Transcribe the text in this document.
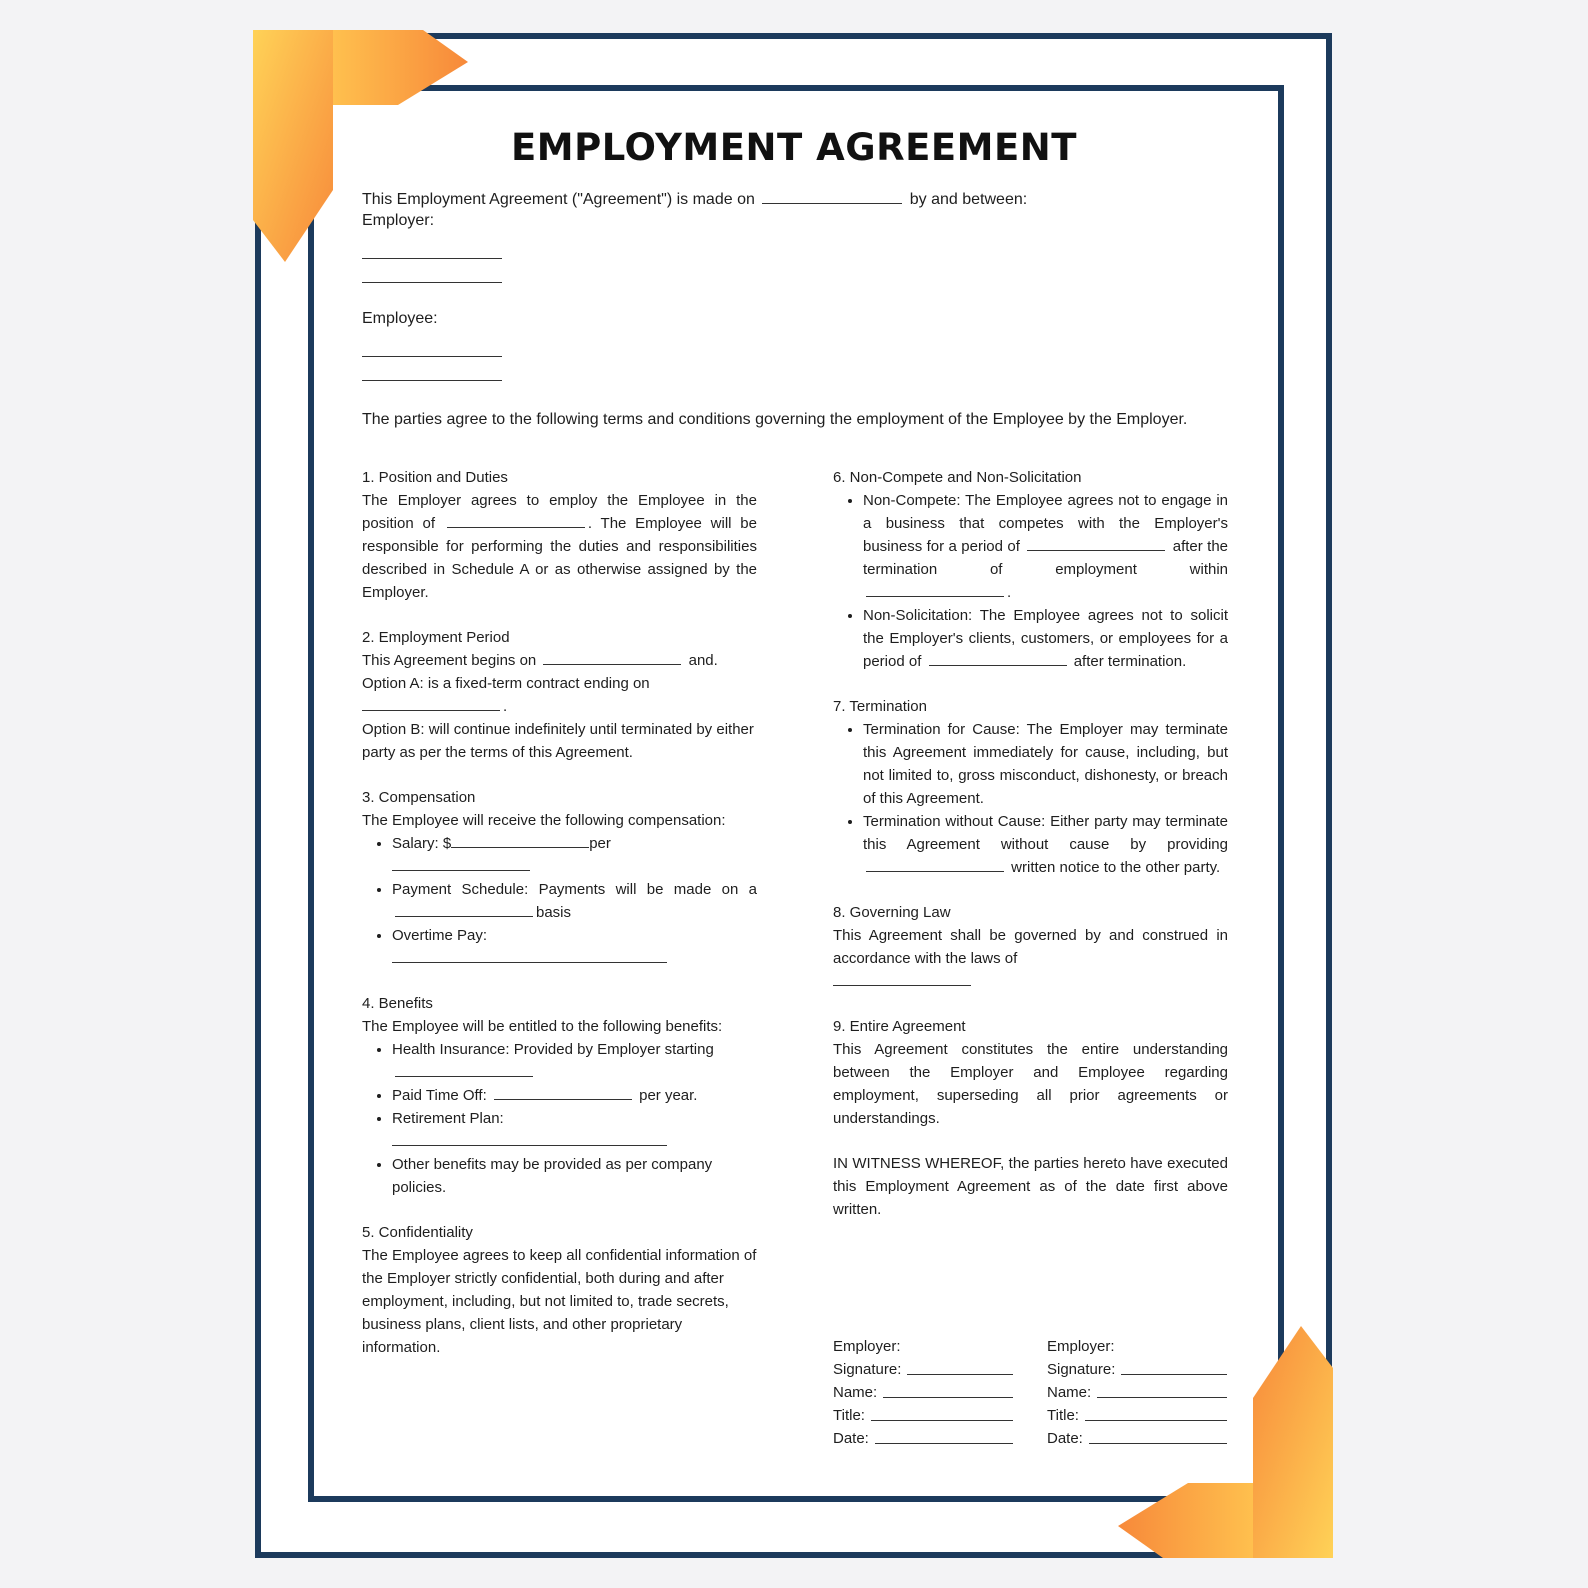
EMPLOYMENT AGREEMENT
This Employment Agreement ("Agreement") is made on	by and between:
Employer:
Employee:
The parties agree to the following terms and conditions governing the employment of the Employee by the Employer.
1. Position and Duties

The Employer agrees to employ the Employee in the position of	. The Employee will be responsible for performing the duties and responsibilities described in Schedule A or as otherwise assigned by the Employer.

2. Employment Period

This Agreement begins on	and.
Option A: is a fixed-term contract ending on
.

Option B: will continue indefinitely until terminated by either party as per the terms of this Agreement.

3. Compensation

The Employee will receive the following compensation:

• Salary: $	per

• Payment Schedule: Payments will be made on a basis
• Overtime Pay:

4. Benefits

The Employee will be entitled to the following benefits:

• Health Insurance: Provided by Employer starting
• Paid Time Off:	per year.
• Retirement Plan:

• Other benefits may be provided as per company policies.
5. Confidentiality

The Employee agrees to keep all confidential information of the Employer strictly confidential, both during and after employment, including, but not limited to, trade secrets, business plans, client lists, and other proprietary information.

6. Non-Compete and Non-Solicitation
• Non-Compete: The Employee agrees not to engage in a business that competes with the Employer's business for a period of	after the termination of employment within .
• Non-Solicitation: The Employee agrees not to solicit the Employer's clients, customers, or employees for a period of	after termination.
7. Termination
• Termination for Cause: The Employer may terminate this Agreement immediately for cause, including, but not limited to, gross misconduct, dishonesty, or breach of this Agreement.
• Termination without Cause: Either party may terminate this Agreement without cause by providing  written notice to the other party.
8. Governing Law

This Agreement shall be governed by and construed in accordance with the laws of

9. Entire Agreement

This Agreement constitutes the entire understanding between the Employer and Employee regarding employment, superseding all prior agreements or understandings.

IN WITNESS WHEREOF, the parties hereto have executed this Employment Agreement as of the date first above written.

Employer:
Signature:
Name:
Title:
Date:
Employer:
Signature:
Name:
Title:
Date:
